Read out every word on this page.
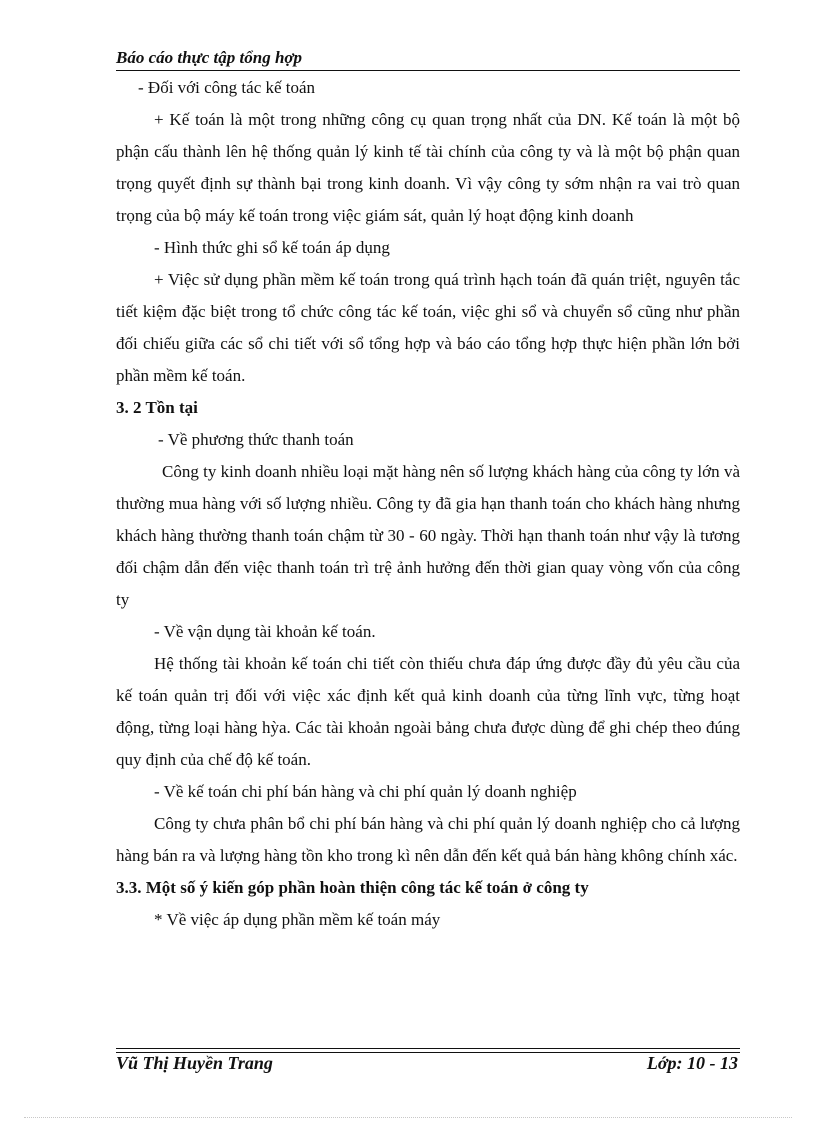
Báo cáo thực tập tổng hợp

- Đối với công tác kế toán

+ Kế toán là một trong những công cụ quan trọng nhất của DN. Kế toán là một bộ phận cấu thành lên hệ thống quản lý kinh tế tài chính của công ty và là một bộ phận quan trọng quyết định sự thành bại trong kinh doanh. Vì vậy công ty sớm nhận ra vai trò quan trọng của bộ máy kế toán trong việc giám sát, quản lý hoạt động kinh doanh

- Hình thức ghi sổ kế toán áp dụng

+ Việc sử dụng phần mềm kế toán trong quá trình hạch toán đã quán triệt, nguyên tắc tiết kiệm đặc biệt trong tổ chức công tác kế toán, việc ghi sổ và chuyển sổ cũng như phần đối chiếu giữa các sổ chi tiết với sổ tổng hợp và báo cáo tổng hợp thực hiện phần lớn bởi phần mềm kế toán.

3. 2 Tồn tại

- Về phương thức thanh toán

Công ty kinh doanh nhiều loại mặt hàng nên số lượng khách hàng của công ty lớn và thường mua hàng với số lượng nhiều. Công ty đã gia hạn thanh toán cho khách hàng nhưng khách hàng thường thanh toán chậm từ 30 - 60 ngày. Thời hạn thanh toán như vậy là tương đối chậm dẫn đến việc thanh toán trì trệ ảnh hưởng đến thời gian quay vòng vốn của công ty

- Về vận dụng tài khoản kế toán.

Hệ thống tài khoản kế toán chi tiết còn thiếu chưa đáp ứng được đầy đủ yêu cầu của kế toán quản trị đối với việc xác định kết quả kinh doanh của từng lĩnh vực, từng hoạt động, từng loại hàng hỳa. Các tài khoản ngoài bảng chưa được dùng để ghi chép theo đúng quy định của chế độ kế toán.

- Về kế toán chi phí bán hàng và chi phí quản lý doanh nghiệp

Công ty chưa phân bổ chi phí bán hàng và chi phí quản lý doanh nghiệp cho cả lượng hàng bán ra và lượng hàng tồn kho trong kì nên dẫn đến kết quả bán hàng không chính xác.

3.3. Một số ý kiến góp phần hoàn thiện công tác kế toán ở công ty

* Về việc áp dụng phần mềm kế toán máy

Vũ Thị Huyền Trang	Lớp: 10 - 13
